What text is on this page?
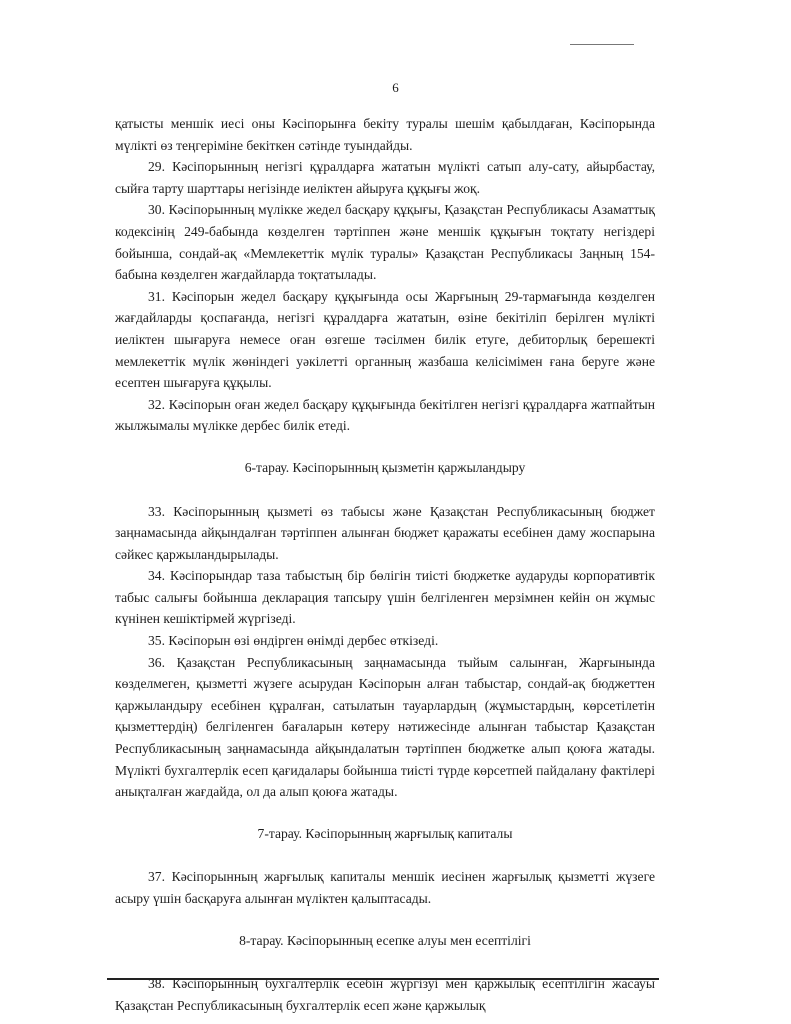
6

қатысты меншік иесі оны Кәсіпорынға бекіту туралы шешім қабылдаған, Кәсіпорында мүлікті өз теңгеріміне бекіткен сәтінде туындайды.

29. Кәсіпорынның негізгі құралдарға жататын мүлікті сатып алу-сату, айырбастау, сыйға тарту шарттары негізінде иеліктен айыруға құқығы жоқ.

30. Кәсіпорынның мүлікке жедел басқару құқығы, Қазақстан Республикасы Азаматтық кодексінің 249-бабында көзделген тәртіппен және меншік құқығын тоқтату негіздері бойынша, сондай-ақ «Мемлекеттік мүлік туралы» Қазақстан Республикасы Заңның 154-бабына көзделген жағдайларда тоқтатылады.

31. Кәсіпорын жедел басқару құқығында осы Жарғының 29-тармағында көзделген жағдайларды қоспағанда, негізгі құралдарға жататын, өзіне бекітіліп берілген мүлікті иеліктен шығаруға немесе оған өзгеше тәсілмен билік етуге, дебиторлық берешекті мемлекеттік мүлік жөніндегі уәкілетті органның жазбаша келісімімен ғана беруге және есептен шығаруға құқылы.

32. Кәсіпорын оған жедел басқару құқығында бекітілген негізгі құралдарға жатпайтын жылжымалы мүлікке дербес билік етеді.

6-тарау. Кәсіпорынның қызметін қаржыландыру

33. Кәсіпорынның қызметі өз табысы және Қазақстан Республикасының бюджет заңнамасында айқындалған тәртіппен алынған бюджет қаражаты есебінен даму жоспарына сәйкес қаржыландырылады.

34. Кәсіпорындар таза табыстың бір бөлігін тиісті бюджетке аударуды корпоративтік табыс салығы бойынша декларация тапсыру үшін белгіленген мерзімнен кейін он жұмыс күнінен кешіктірмей жүргізеді.

35. Кәсіпорын өзі өндірген өнімді дербес өткізеді.

36. Қазақстан Республикасының заңнамасында тыйым салынған, Жарғынында көзделмеген, қызметті жүзеге асырудан Кәсіпорын алған табыстар, сондай-ақ бюджеттен қаржыландыру есебінен құралған, сатылатын тауарлардың (жұмыстардың, көрсетілетін қызметтердің) белгіленген бағаларын көтеру нәтижесінде алынған табыстар Қазақстан Республикасының заңнамасында айқындалатын тәртіппен бюджетке алып қоюға жатады. Мүлікті бухгалтерлік есеп қағидалары бойынша тиісті түрде көрсетпей пайдалану фактілері анықталған жағдайда, ол да алып қоюға жатады.

7-тарау. Кәсіпорынның жарғылық капиталы

37. Кәсіпорынның жарғылық капиталы меншік иесінен жарғылық қызметті жүзеге асыру үшін басқаруға алынған мүліктен қалыптасады.

8-тарау. Кәсіпорынның есепке алуы мен есептілігі

38. Кәсіпорынның бухгалтерлік есебін жүргізуі мен қаржылық есептілігін жасауы Қазақстан Республикасының бухгалтерлік есеп және қаржылық
